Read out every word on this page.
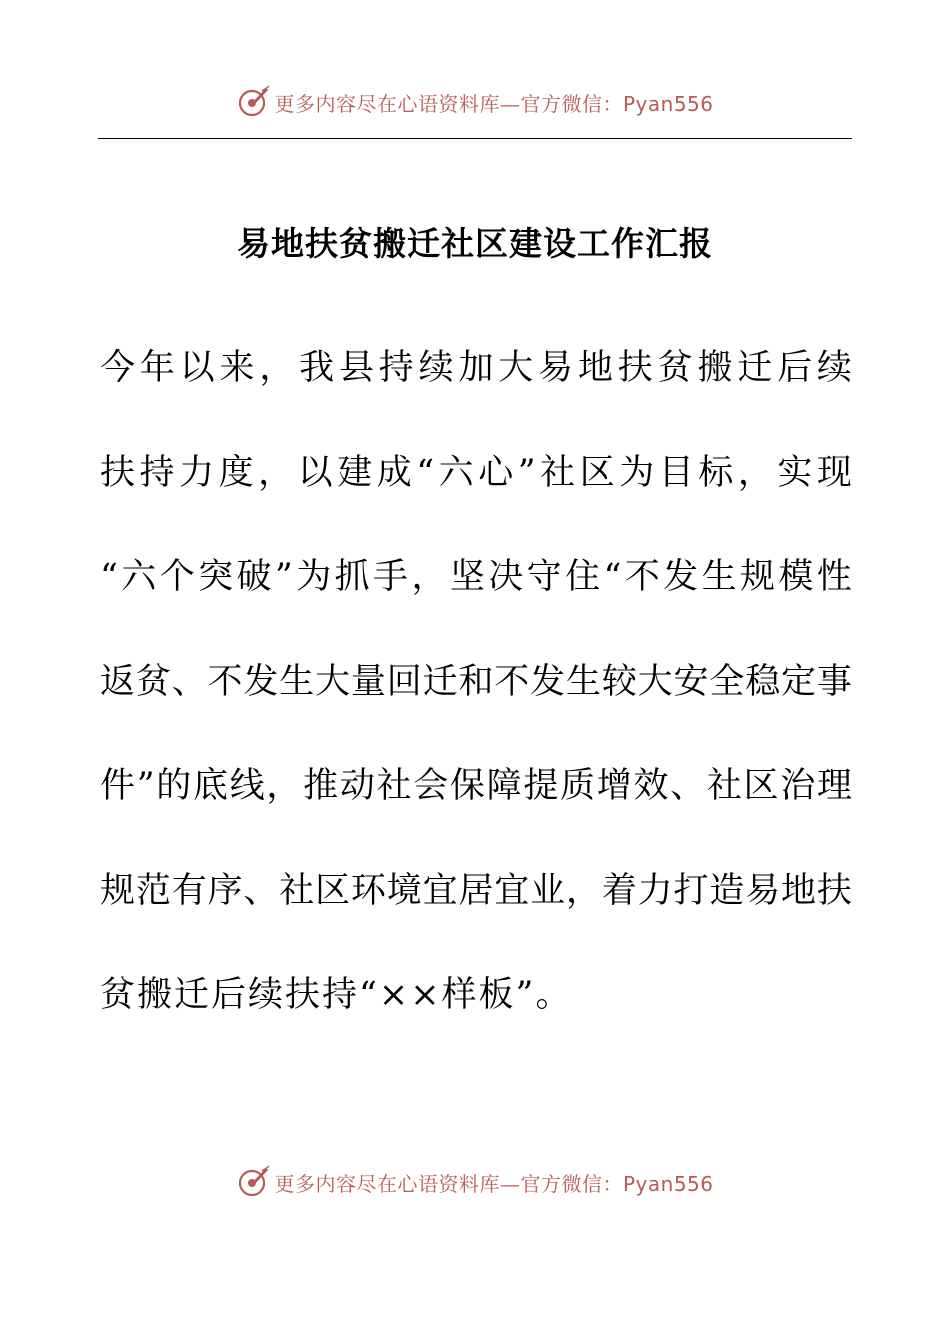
更多内容尽在心语资料库—官方微信：Pyan556
易地扶贫搬迁社区建设工作汇报
今 年 以 来 ， 我 县 持 续 加 大 易 地 扶 贫 搬 迁 后 续
扶 持 力 度 ， 以 建 成 “ 六 心 ” 社 区 为 目 标 ， 实 现
“ 六 个 突 破 ” 为 抓 手 ， 坚 决 守 住 “ 不 发 生 规 模 性
返 贫 、 不 发 生 大 量 回 迁 和 不 发 生 较 大 安 全 稳 定 事
件 ” 的 底 线 ， 推 动 社 会 保 障 提 质 增 效 、 社 区 治 理
规 范 有 序 、 社 区 环 境 宜 居 宜 业 ， 着 力 打 造 易 地 扶
贫搬迁后续扶持“××样板”。
更多内容尽在心语资料库—官方微信：Pyan556
